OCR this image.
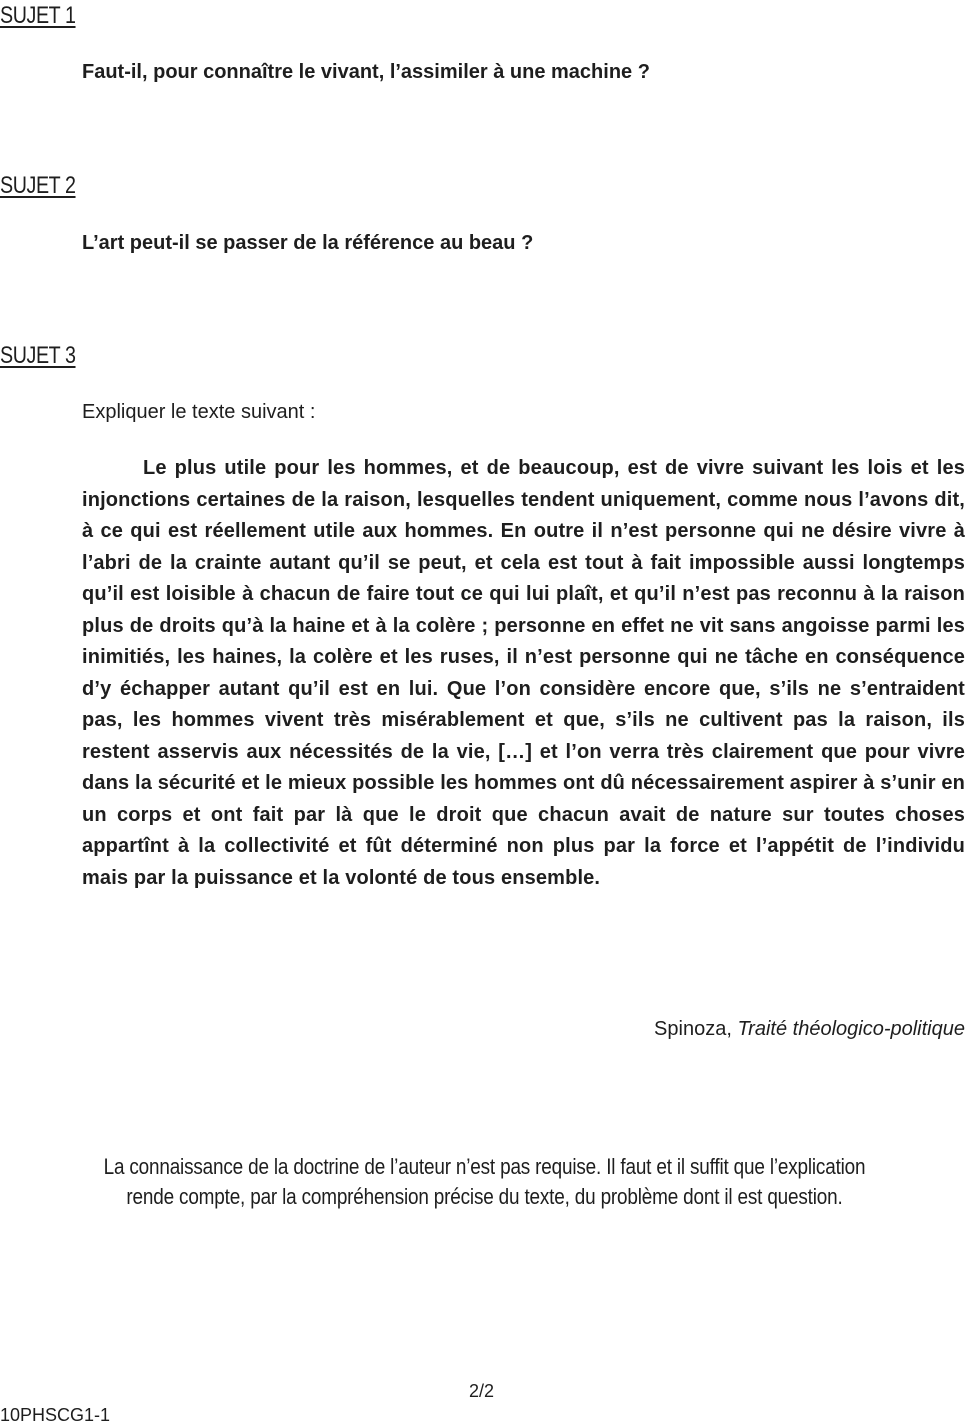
SUJET 1
Faut-il, pour connaître le vivant, l’assimiler à une machine ?
SUJET 2
L’art peut-il se passer de la référence au beau ?
SUJET 3
Expliquer le texte suivant :

Le plus utile pour les hommes, et de beaucoup, est de vivre suivant les lois et les injonctions certaines de la raison, lesquelles tendent uniquement, comme nous l’avons dit, à ce qui est réellement utile aux hommes. En outre il n’est personne qui ne désire vivre à l’abri de la crainte autant qu’il se peut, et cela est tout à fait impossible aussi longtemps qu’il est loisible à chacun de faire tout ce qui lui plaît, et qu’il n’est pas reconnu à la raison plus de droits qu’à la haine et à la colère ; personne en effet ne vit sans angoisse parmi les inimitiés, les haines, la colère et les ruses, il n’est personne qui ne tâche en conséquence d’y échapper autant qu’il est en lui. Que l’on considère encore que, s’ils ne s’entraident pas, les hommes vivent très misérablement et que, s’ils ne cultivent pas la raison, ils restent asservis aux nécessités de la vie, […] et l’on verra très clairement que pour vivre dans la sécurité et le mieux possible les hommes ont dû nécessairement aspirer à s’unir en un corps et ont fait par là que le droit que chacun avait de nature sur toutes choses appartînt à la collectivité et fût déterminé non plus par la force et l’appétit de l’individu mais par la puissance et la volonté de tous ensemble.

Spinoza, Traité théologico-politique
La connaissance de la doctrine de l’auteur n’est pas requise. Il faut et il suffit que l’explication
rende compte, par la compréhension précise du texte, du problème dont il est question.
2/2
10PHSCG1-1
